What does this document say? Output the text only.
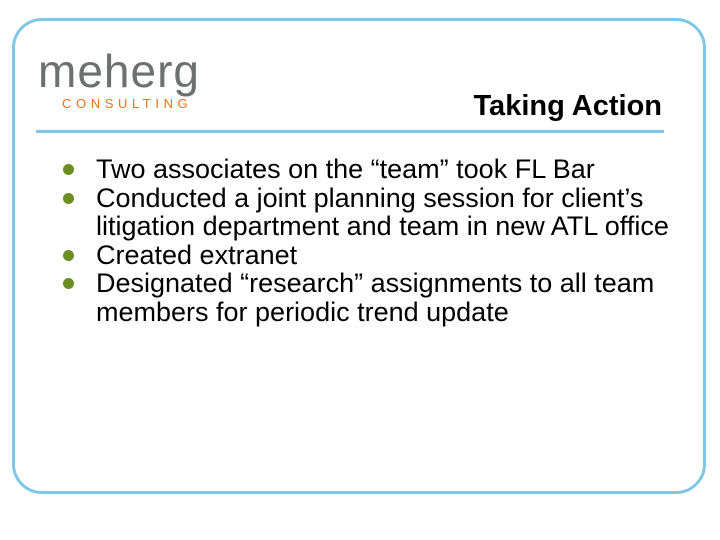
meherg
CONSULTING	Taking Action
Two associates on the “team” took FL Bar
Conducted a joint planning session for client’s litigation department and team in new ATL office
Created extranet
Designated “research” assignments to all team members for periodic trend update
